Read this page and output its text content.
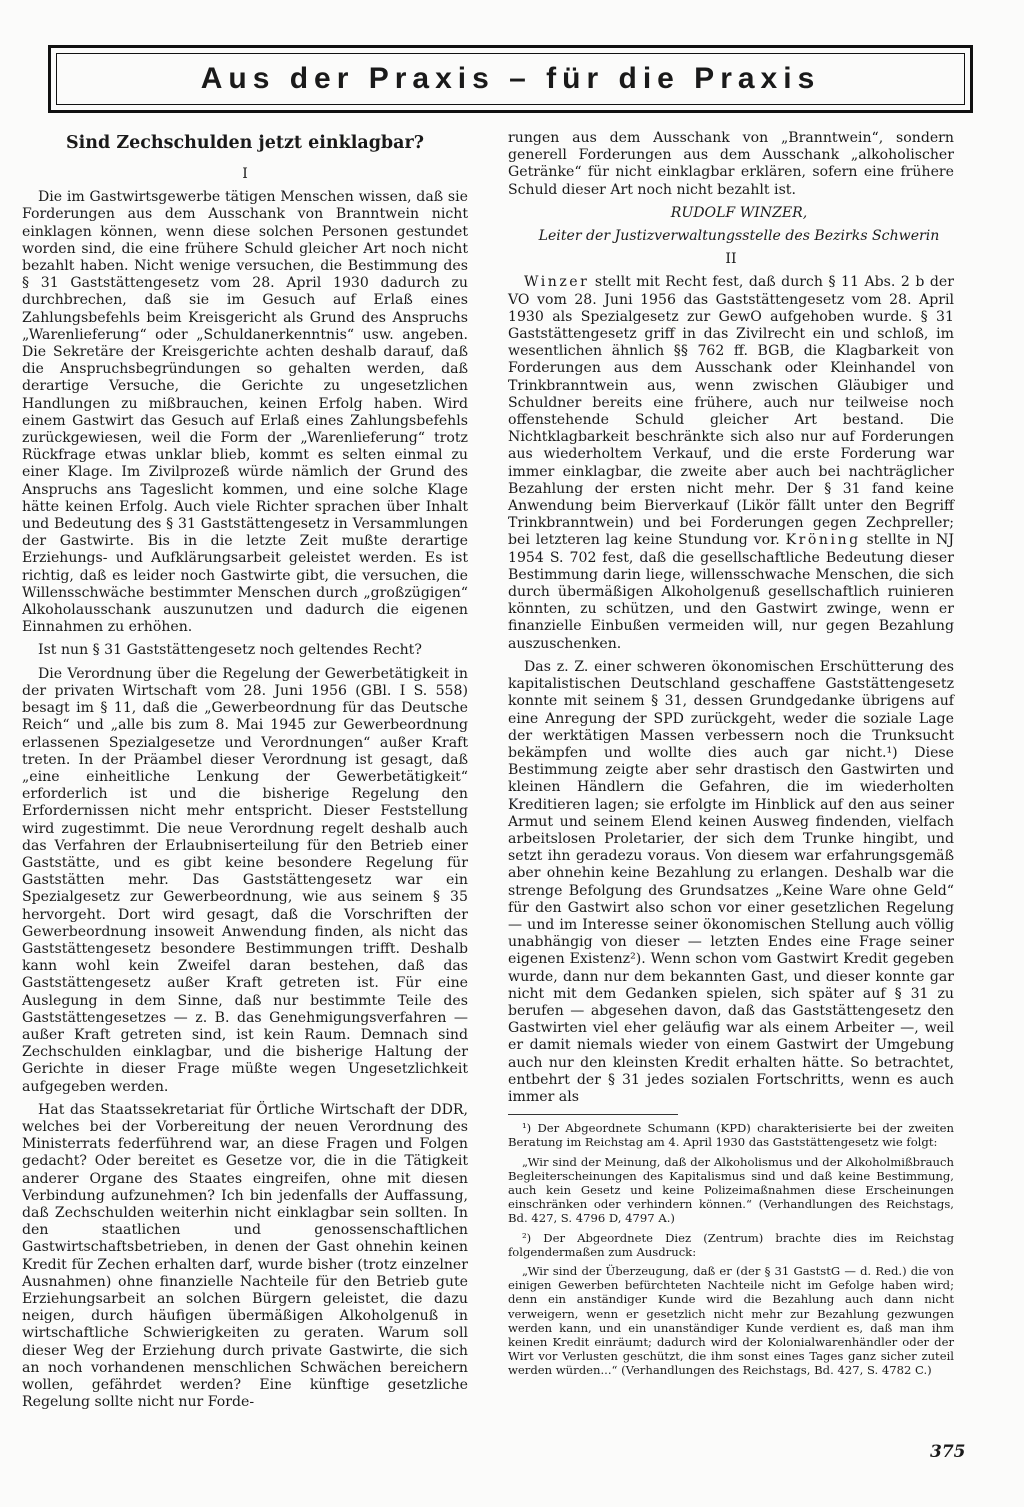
Aus der Praxis – für die Praxis
Sind Zechschulden jetzt einklagbar?
I

Die im Gastwirtsgewerbe tätigen Menschen wissen, daß sie Forderungen aus dem Ausschank von Branntwein nicht einklagen können, wenn diese solchen Personen gestundet worden sind, die eine frühere Schuld gleicher Art noch nicht bezahlt haben. Nicht wenige versuchen, die Bestimmung des § 31 Gaststättengesetz vom 28. April 1930 dadurch zu durchbrechen, daß sie im Gesuch auf Erlaß eines Zahlungsbefehls beim Kreisgericht als Grund des Anspruchs „Warenlieferung“ oder „Schuldanerkenntnis“ usw. angeben. Die Sekretäre der Kreisgerichte achten deshalb darauf, daß die Anspruchsbegründungen so gehalten werden, daß derartige Versuche, die Gerichte zu ungesetzlichen Handlungen zu mißbrauchen, keinen Erfolg haben. Wird einem Gastwirt das Gesuch auf Erlaß eines Zahlungsbefehls zurückgewiesen, weil die Form der „Warenlieferung“ trotz Rückfrage etwas unklar blieb, kommt es selten einmal zu einer Klage. Im Zivilprozeß würde nämlich der Grund des Anspruchs ans Tageslicht kommen, und eine solche Klage hätte keinen Erfolg. Auch viele Richter sprachen über Inhalt und Bedeutung des § 31 Gaststättengesetz in Versammlungen der Gastwirte. Bis in die letzte Zeit mußte derartige Erziehungs- und Aufklärungsarbeit geleistet werden. Es ist richtig, daß es leider noch Gastwirte gibt, die versuchen, die Willensschwäche bestimmter Menschen durch „großzügigen“ Alkoholausschank auszunutzen und dadurch die eigenen Einnahmen zu erhöhen.

Ist nun § 31 Gaststättengesetz noch geltendes Recht?

Die Verordnung über die Regelung der Gewerbetätigkeit in der privaten Wirtschaft vom 28. Juni 1956 (GBl. I S. 558) besagt im § 11, daß die „Gewerbeordnung für das Deutsche Reich“ und „alle bis zum 8. Mai 1945 zur Gewerbeordnung erlassenen Spezialgesetze und Verordnungen“ außer Kraft treten. In der Präambel dieser Verordnung ist gesagt, daß „eine einheitliche Lenkung der Gewerbetätigkeit“ erforderlich ist und die bisherige Regelung den Erfordernissen nicht mehr entspricht. Dieser Feststellung wird zugestimmt. Die neue Verordnung regelt deshalb auch das Verfahren der Erlaubniserteilung für den Betrieb einer Gaststätte, und es gibt keine besondere Regelung für Gaststätten mehr. Das Gaststättengesetz war ein Spezialgesetz zur Gewerbeordnung, wie aus seinem § 35 hervorgeht. Dort wird gesagt, daß die Vorschriften der Gewerbeordnung insoweit Anwendung finden, als nicht das Gaststättengesetz besondere Bestimmungen trifft. Deshalb kann wohl kein Zweifel daran bestehen, daß das Gaststättengesetz außer Kraft getreten ist. Für eine Auslegung in dem Sinne, daß nur bestimmte Teile des Gaststättengesetzes — z. B. das Genehmigungsverfahren — außer Kraft getreten sind, ist kein Raum. Demnach sind Zechschulden einklagbar, und die bisherige Haltung der Gerichte in dieser Frage müßte wegen Ungesetzlichkeit aufgegeben werden.

Hat das Staatssekretariat für Örtliche Wirtschaft der DDR, welches bei der Vorbereitung der neuen Verordnung des Ministerrats federführend war, an diese Fragen und Folgen gedacht? Oder bereitet es Gesetze vor, die in die Tätigkeit anderer Organe des Staates eingreifen, ohne mit diesen Verbindung aufzunehmen? Ich bin jedenfalls der Auffassung, daß Zechschulden weiterhin nicht einklagbar sein sollten. In den staatlichen und genossenschaftlichen Gastwirtschaftsbetrieben, in denen der Gast ohnehin keinen Kredit für Zechen erhalten darf, wurde bisher (trotz einzelner Ausnahmen) ohne finanzielle Nachteile für den Betrieb gute Erziehungsarbeit an solchen Bürgern geleistet, die dazu neigen, durch häufigen übermäßigen Alkoholgenuß in wirtschaftliche Schwierigkeiten zu geraten. Warum soll dieser Weg der Erziehung durch private Gastwirte, die sich an noch vorhandenen menschlichen Schwächen bereichern wollen, gefährdet werden? Eine künftige gesetzliche Regelung sollte nicht nur Forde-

rungen aus dem Ausschank von „Branntwein“, sondern generell Forderungen aus dem Ausschank „alkoholischer Getränke“ für nicht einklagbar erklären, sofern eine frühere Schuld dieser Art noch nicht bezahlt ist.

RUDOLF WINZER,

Leiter der Justizverwaltungsstelle des Bezirks Schwerin

II

Winzer stellt mit Recht fest, daß durch § 11 Abs. 2 b der VO vom 28. Juni 1956 das Gaststättengesetz vom 28. April 1930 als Spezialgesetz zur GewO aufgehoben wurde. § 31 Gaststättengesetz griff in das Zivilrecht ein und schloß, im wesentlichen ähnlich §§ 762 ff. BGB, die Klagbarkeit von Forderungen aus dem Ausschank oder Kleinhandel von Trinkbranntwein aus, wenn zwischen Gläubiger und Schuldner bereits eine frühere, auch nur teilweise noch offenstehende Schuld gleicher Art bestand. Die Nichtklagbarkeit beschränkte sich also nur auf Forderungen aus wiederholtem Verkauf, und die erste Forderung war immer einklagbar, die zweite aber auch bei nachträglicher Bezahlung der ersten nicht mehr. Der § 31 fand keine Anwendung beim Bierverkauf (Likör fällt unter den Begriff Trinkbranntwein) und bei Forderungen gegen Zechpreller; bei letzteren lag keine Stundung vor. Kröning stellte in NJ 1954 S. 702 fest, daß die gesellschaftliche Bedeutung dieser Bestimmung darin liege, willensschwache Menschen, die sich durch übermäßigen Alkoholgenuß gesellschaftlich ruinieren könnten, zu schützen, und den Gastwirt zwinge, wenn er finanzielle Einbußen vermeiden will, nur gegen Bezahlung auszuschenken.

Das z. Z. einer schweren ökonomischen Erschütterung des kapitalistischen Deutschland geschaffene Gaststättengesetz konnte mit seinem § 31, dessen Grundgedanke übrigens auf eine Anregung der SPD zurückgeht, weder die soziale Lage der werktätigen Massen verbessern noch die Trunksucht bekämpfen und wollte dies auch gar nicht.¹) Diese Bestimmung zeigte aber sehr drastisch den Gastwirten und kleinen Händlern die Gefahren, die im wiederholten Kreditieren lagen; sie erfolgte im Hinblick auf den aus seiner Armut und seinem Elend keinen Ausweg findenden, vielfach arbeitslosen Proletarier, der sich dem Trunke hingibt, und setzt ihn geradezu voraus. Von diesem war erfahrungsgemäß aber ohnehin keine Bezahlung zu erlangen. Deshalb war die strenge Befolgung des Grundsatzes „Keine Ware ohne Geld“ für den Gastwirt also schon vor einer gesetzlichen Regelung — und im Interesse seiner ökonomischen Stellung auch völlig unabhängig von dieser — letzten Endes eine Frage seiner eigenen Existenz²). Wenn schon vom Gastwirt Kredit gegeben wurde, dann nur dem bekannten Gast, und dieser konnte gar nicht mit dem Gedanken spielen, sich später auf § 31 zu berufen — abgesehen davon, daß das Gaststättengesetz den Gastwirten viel eher geläufig war als einem Arbeiter —, weil er damit niemals wieder von einem Gastwirt der Umgebung auch nur den kleinsten Kredit erhalten hätte. So betrachtet, entbehrt der § 31 jedes sozialen Fortschritts, wenn es auch immer als

¹) Der Abgeordnete Schumann (KPD) charakterisierte bei der zweiten Beratung im Reichstag am 4. April 1930 das Gaststättengesetz wie folgt:

„Wir sind der Meinung, daß der Alkoholismus und der Alkoholmißbrauch Begleiterscheinungen des Kapitalismus sind und daß keine Bestimmung, auch kein Gesetz und keine Polizeimaßnahmen diese Erscheinungen einschränken oder verhindern können.“ (Verhandlungen des Reichstags, Bd. 427, S. 4796 D, 4797 A.)

²) Der Abgeordnete Diez (Zentrum) brachte dies im Reichstag folgendermaßen zum Ausdruck:

„Wir sind der Überzeugung, daß er (der § 31 GaststG — d. Red.) die von einigen Gewerben befürchteten Nachteile nicht im Gefolge haben wird; denn ein anständiger Kunde wird die Bezahlung auch dann nicht verweigern, wenn er gesetzlich nicht mehr zur Bezahlung gezwungen werden kann, und ein unanständiger Kunde verdient es, daß man ihm keinen Kredit einräumt; dadurch wird der Kolonialwarenhändler oder der Wirt vor Verlusten geschützt, die ihm sonst eines Tages ganz sicher zuteil werden würden...“ (Verhandlungen des Reichstags, Bd. 427, S. 4782 C.)

375
